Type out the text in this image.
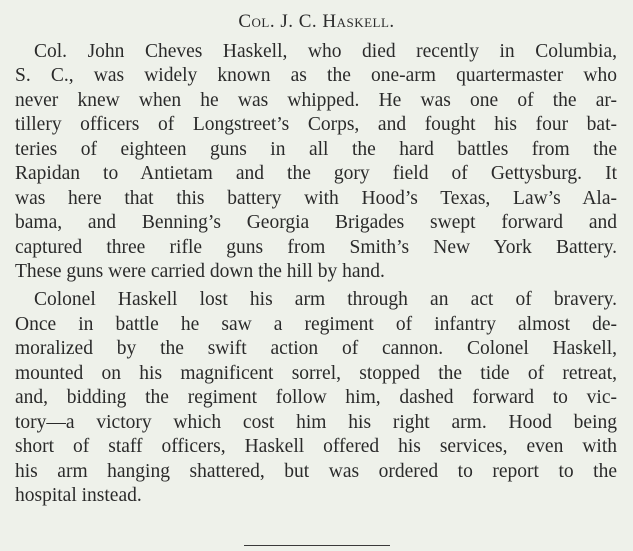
Col. J. C. Haskell.
Col. John Cheves Haskell, who died recently in Columbia,
S. C., was widely known as the one-arm quartermaster who
never knew when he was whipped. He was one of the ar-
tillery officers of Longstreet’s Corps, and fought his four bat-
teries of eighteen guns in all the hard battles from the
Rapidan to Antietam and the gory field of Gettysburg. It
was here that this battery with Hood’s Texas, Law’s Ala-
bama, and Benning’s Georgia Brigades swept forward and
captured three rifle guns from Smith’s New York Battery.
These guns were carried down the hill by hand.
Colonel Haskell lost his arm through an act of bravery.
Once in battle he saw a regiment of infantry almost de-
moralized by the swift action of cannon. Colonel Haskell,
mounted on his magnificent sorrel, stopped the tide of retreat,
and, bidding the regiment follow him, dashed forward to vic-
tory—a victory which cost him his right arm. Hood being
short of staff officers, Haskell offered his services, even with
his arm hanging shattered, but was ordered to report to the
hospital instead.
